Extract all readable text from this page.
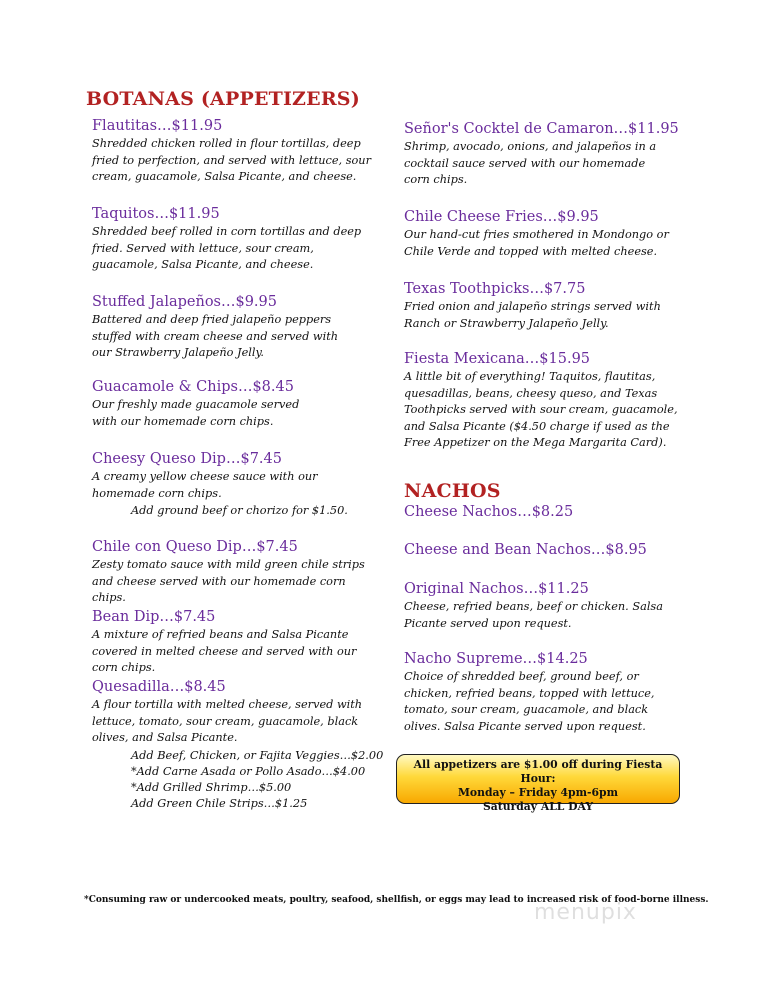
BOTANAS (APPETIZERS)
Flautitas…$11.95
Shredded chicken rolled in flour tortillas, deep fried to perfection, and served with lettuce, sour cream, guacamole, Salsa Picante, and cheese.
Taquitos…$11.95
Shredded beef rolled in corn tortillas and deep fried. Served with lettuce, sour cream, guacamole, Salsa Picante, and cheese.
Stuffed Jalapeños…$9.95
Battered and deep fried jalapeño peppers stuffed with cream cheese and served with our Strawberry Jalapeño Jelly.
Guacamole & Chips…$8.45
Our freshly made guacamole served with our homemade corn chips.
Cheesy Queso Dip…$7.45
A creamy yellow cheese sauce with our homemade corn chips.
Add ground beef or chorizo for $1.50.
Chile con Queso Dip…$7.45
Zesty tomato sauce with mild green chile strips and cheese served with our homemade corn chips.
Bean Dip…$7.45
A mixture of refried beans and Salsa Picante covered in melted cheese and served with our corn chips.
Quesadilla…$8.45
A flour tortilla with melted cheese, served with lettuce, tomato, sour cream, guacamole, black olives, and Salsa Picante.
Add Beef, Chicken, or Fajita Veggies…$2.00
*Add Carne Asada or Pollo Asado…$4.00
*Add Grilled Shrimp…$5.00
Add Green Chile Strips…$1.25
Señor's Cocktel de Camaron…$11.95
Shrimp, avocado, onions, and jalapeños in a cocktail sauce served with our homemade corn chips.
Chile Cheese Fries…$9.95
Our hand-cut fries smothered in Mondongo or Chile Verde and topped with melted cheese.
Texas Toothpicks…$7.75
Fried onion and jalapeño strings served with Ranch or Strawberry Jalapeño Jelly.
Fiesta Mexicana…$15.95
A little bit of everything! Taquitos, flautitas, quesadillas, beans, cheesy queso, and Texas Toothpicks served with sour cream, guacamole, and Salsa Picante ($4.50 charge if used as the Free Appetizer on the Mega Margarita Card).
NACHOS
Cheese Nachos…$8.25
Cheese and Bean Nachos…$8.95
Original Nachos…$11.25
Cheese, refried beans, beef or chicken. Salsa Picante served upon request.
Nacho Supreme…$14.25
Choice of shredded beef, ground beef, or chicken, refried beans, topped with lettuce, tomato, sour cream, guacamole, and black olives. Salsa Picante served upon request.
All appetizers are $1.00 off during Fiesta Hour:
Monday – Friday 4pm-6pm
Saturday ALL DAY
*Consuming raw or undercooked meats, poultry, seafood, shellfish, or eggs may lead to increased risk of food-borne illness.
menupix
